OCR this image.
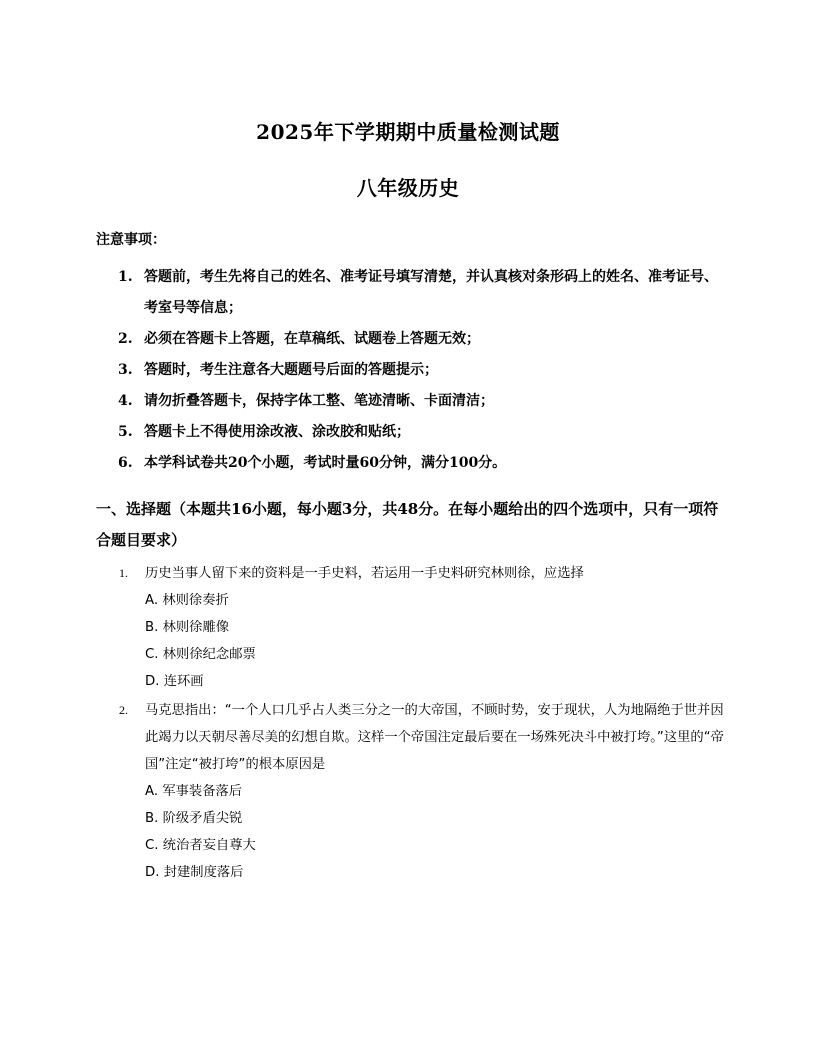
2025年下学期期中质量检测试题
八年级历史
注意事项：
1. 答题前，考生先将自己的姓名、准考证号填写清楚，并认真核对条形码上的姓名、准考证号、考室号等信息；
2. 必须在答题卡上答题，在草稿纸、试题卷上答题无效；
3. 答题时，考生注意各大题题号后面的答题提示；
4. 请勿折叠答题卡，保持字体工整、笔迹清晰、卡面清洁；
5. 答题卡上不得使用涂改液、涂改胶和贴纸；
6. 本学科试卷共20个小题，考试时量60分钟，满分100分。
一、选择题（本题共16小题，每小题3分，共48分。在每小题给出的四个选项中，只有一项符合题目要求）
1.	历史当事人留下来的资料是一手史料，若运用一手史料研究林则徐，应选择
A. 林则徐奏折
B. 林则徐雕像
C. 林则徐纪念邮票
D. 连环画
2.	马克思指出：“一个人口几乎占人类三分之一的大帝国，不顾时势，安于现状，人为地隔绝于世并因此竭力以天朝尽善尽美的幻想自欺。这样一个帝国注定最后要在一场殊死决斗中被打垮。”这里的“帝国”注定“被打垮”的根本原因是
A. 军事装备落后
B. 阶级矛盾尖锐
C. 统治者妄自尊大
D. 封建制度落后
